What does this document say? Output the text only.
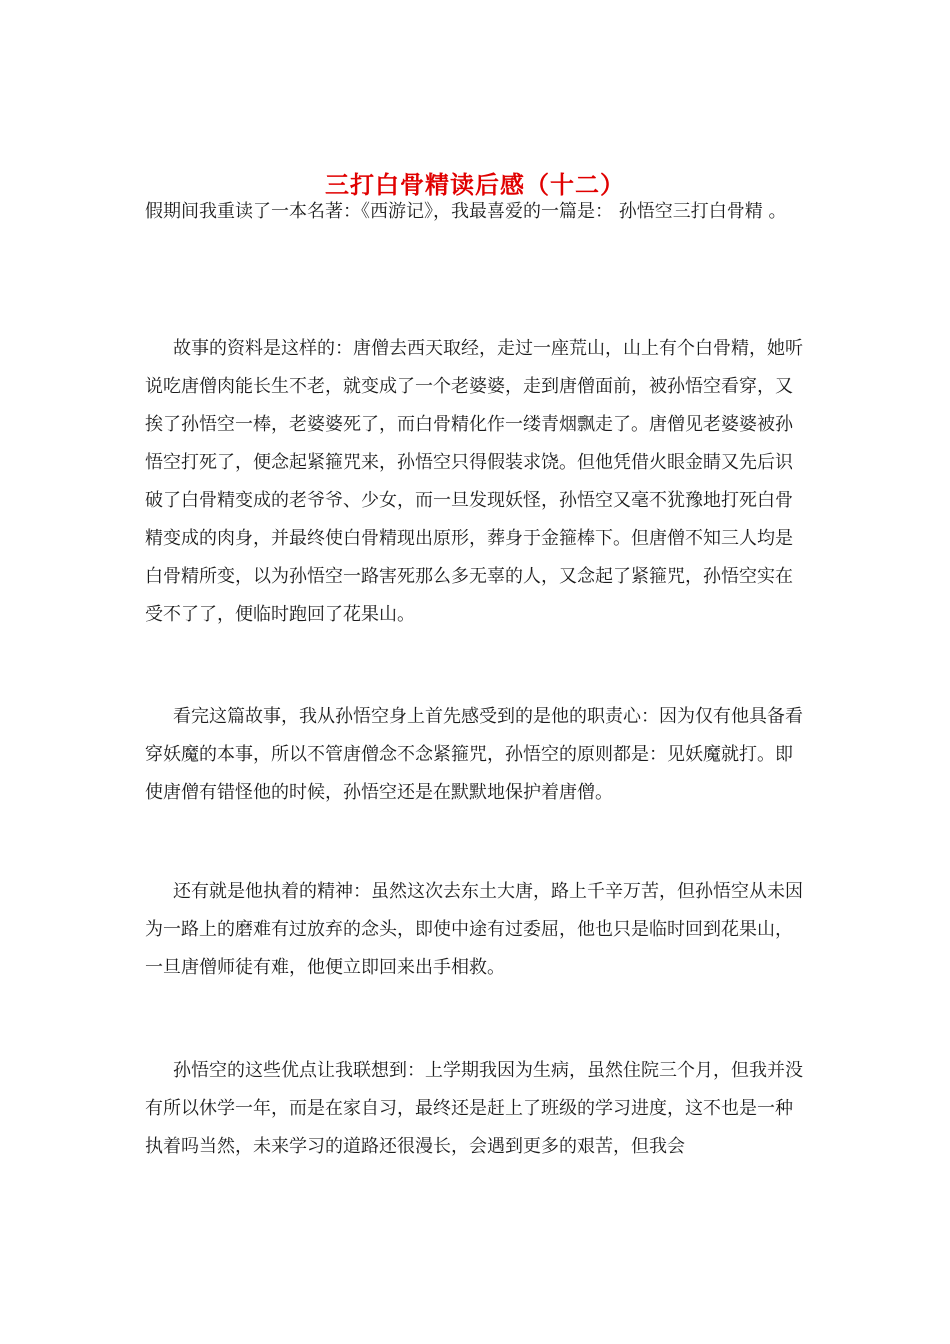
三打白骨精读后感（十二）

假期间我重读了一本名著：《西游记》，我最喜爱的一篇是： 孙悟空三打白骨精 。

故事的资料是这样的：唐僧去西天取经，走过一座荒山，山上有个白骨精，她听说吃唐僧肉能长生不老，就变成了一个老婆婆，走到唐僧面前，被孙悟空看穿，又挨了孙悟空一棒，老婆婆死了，而白骨精化作一缕青烟飘走了。唐僧见老婆婆被孙悟空打死了，便念起紧箍咒来，孙悟空只得假装求饶。但他凭借火眼金睛又先后识破了白骨精变成的老爷爷、少女，而一旦发现妖怪，孙悟空又毫不犹豫地打死白骨精变成的肉身，并最终使白骨精现出原形，葬身于金箍棒下。但唐僧不知三人均是白骨精所变，以为孙悟空一路害死那么多无辜的人，又念起了紧箍咒，孙悟空实在受不了了，便临时跑回了花果山。

看完这篇故事，我从孙悟空身上首先感受到的是他的职责心：因为仅有他具备看穿妖魔的本事，所以不管唐僧念不念紧箍咒，孙悟空的原则都是：见妖魔就打。即使唐僧有错怪他的时候，孙悟空还是在默默地保护着唐僧。

还有就是他执着的精神：虽然这次去东土大唐，路上千辛万苦，但孙悟空从未因为一路上的磨难有过放弃的念头，即使中途有过委屈，他也只是临时回到花果山，一旦唐僧师徒有难，他便立即回来出手相救。

孙悟空的这些优点让我联想到：上学期我因为生病，虽然住院三个月，但我并没有所以休学一年，而是在家自习，最终还是赶上了班级的学习进度，这不也是一种执着吗当然，未来学习的道路还很漫长，会遇到更多的艰苦，但我会
